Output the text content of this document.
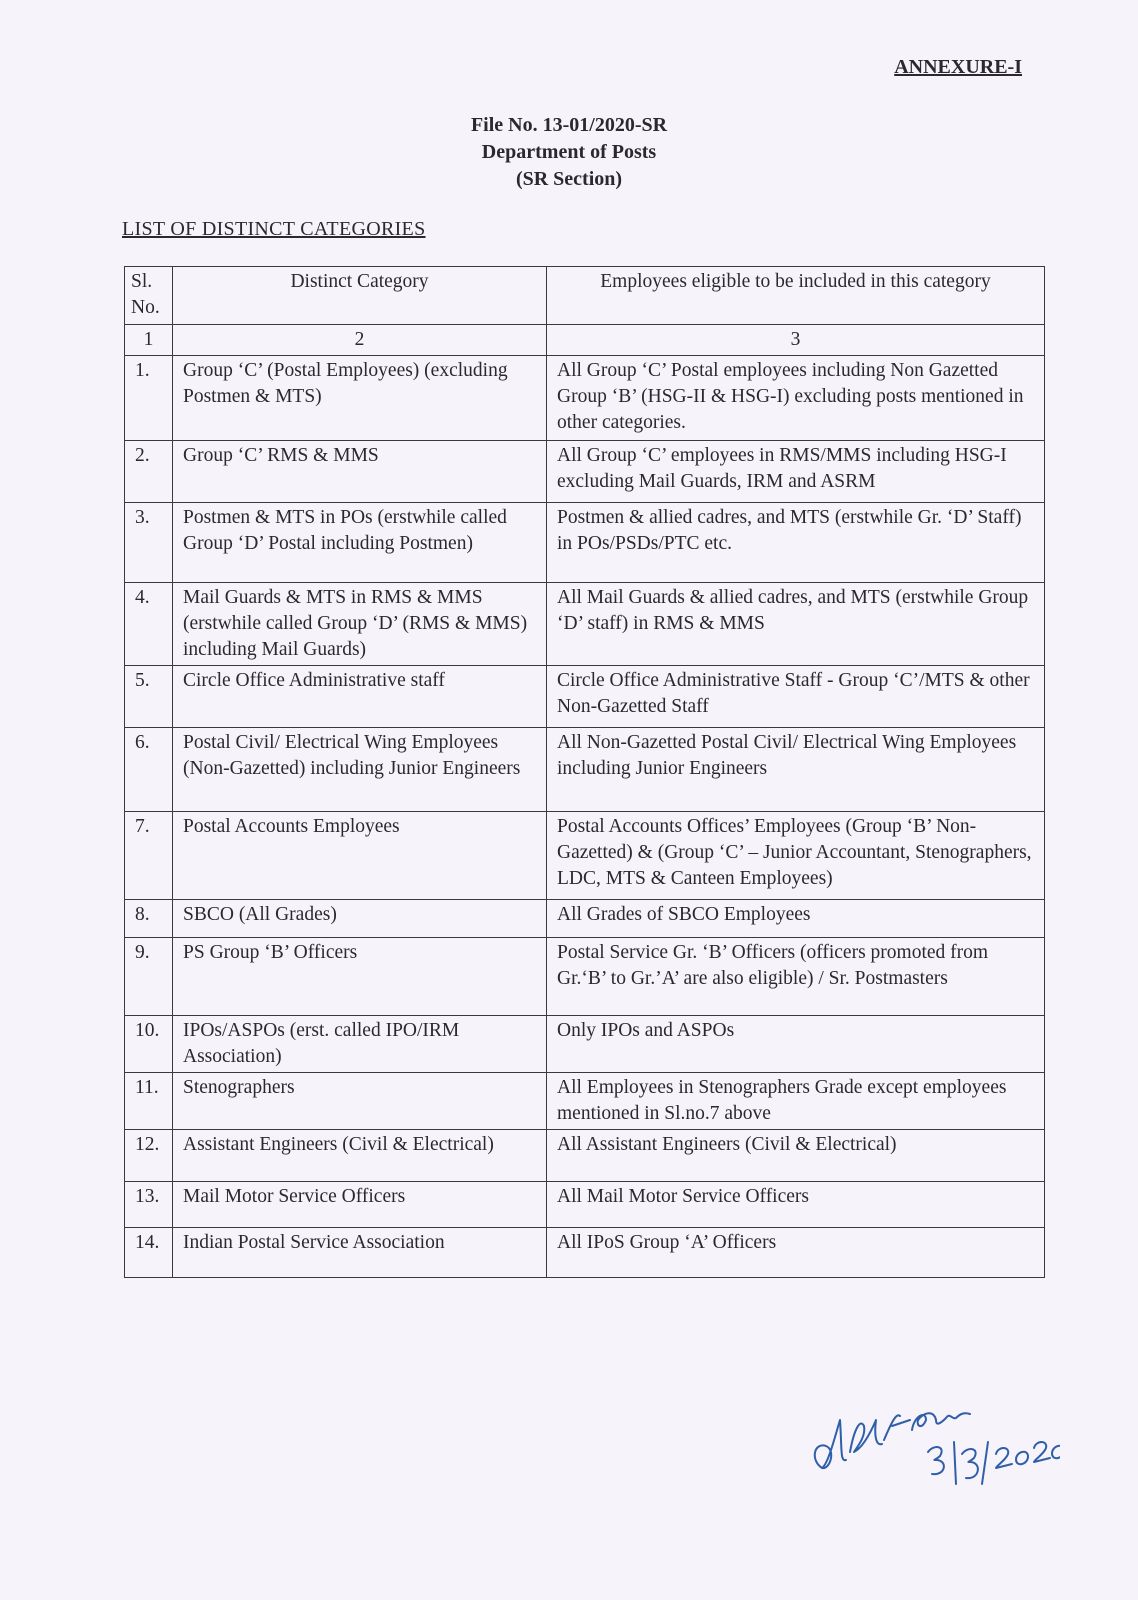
ANNEXURE-I
File No. 13-01/2020-SR
Department of Posts
(SR Section)
LIST OF DISTINCT CATEGORIES
Sl. No.	Distinct Category	Employees eligible to be included in this category
1	2	3
1.	Group ‘C’ (Postal Employees) (excluding Postmen & MTS)	All Group ‘C’ Postal employees including Non Gazetted Group ‘B’ (HSG-II & HSG-I) excluding posts mentioned in other categories.
2.	Group ‘C’ RMS & MMS	All Group ‘C’ employees in RMS/MMS including HSG-I excluding Mail Guards, IRM and ASRM
3.	Postmen & MTS in POs (erstwhile called Group ‘D’ Postal including Postmen)	Postmen & allied cadres, and MTS (erstwhile Gr. ‘D’ Staff) in POs/PSDs/PTC etc.
4.	Mail Guards & MTS in RMS & MMS (erstwhile called Group ‘D’ (RMS & MMS) including Mail Guards)	All Mail Guards & allied cadres, and MTS (erstwhile Group ‘D’ staff) in RMS & MMS
5.	Circle Office Administrative staff	Circle Office Administrative Staff - Group ‘C’/MTS & other Non-Gazetted Staff
6.	Postal Civil/ Electrical Wing Employees (Non-Gazetted) including Junior Engineers	All Non-Gazetted Postal Civil/ Electrical Wing Employees including Junior Engineers
7.	Postal Accounts Employees	Postal Accounts Offices’ Employees (Group ‘B’ Non-Gazetted) & (Group ‘C’ – Junior Accountant, Stenographers, LDC, MTS & Canteen Employees)
8.	SBCO (All Grades)	All Grades of SBCO Employees
9.	PS Group ‘B’ Officers	Postal Service Gr. ‘B’ Officers (officers promoted from Gr.‘B’ to Gr.’A’ are also eligible) / Sr. Postmasters
10.	IPOs/ASPOs (erst. called IPO/IRM Association)	Only IPOs and ASPOs
11.	Stenographers	All Employees in Stenographers Grade except employees mentioned in Sl.no.7 above
12.	Assistant Engineers (Civil & Electrical)	All Assistant Engineers (Civil & Electrical)
13.	Mail Motor Service Officers	All Mail Motor Service Officers
14.	Indian Postal Service Association	All IPoS Group ‘A’ Officers
